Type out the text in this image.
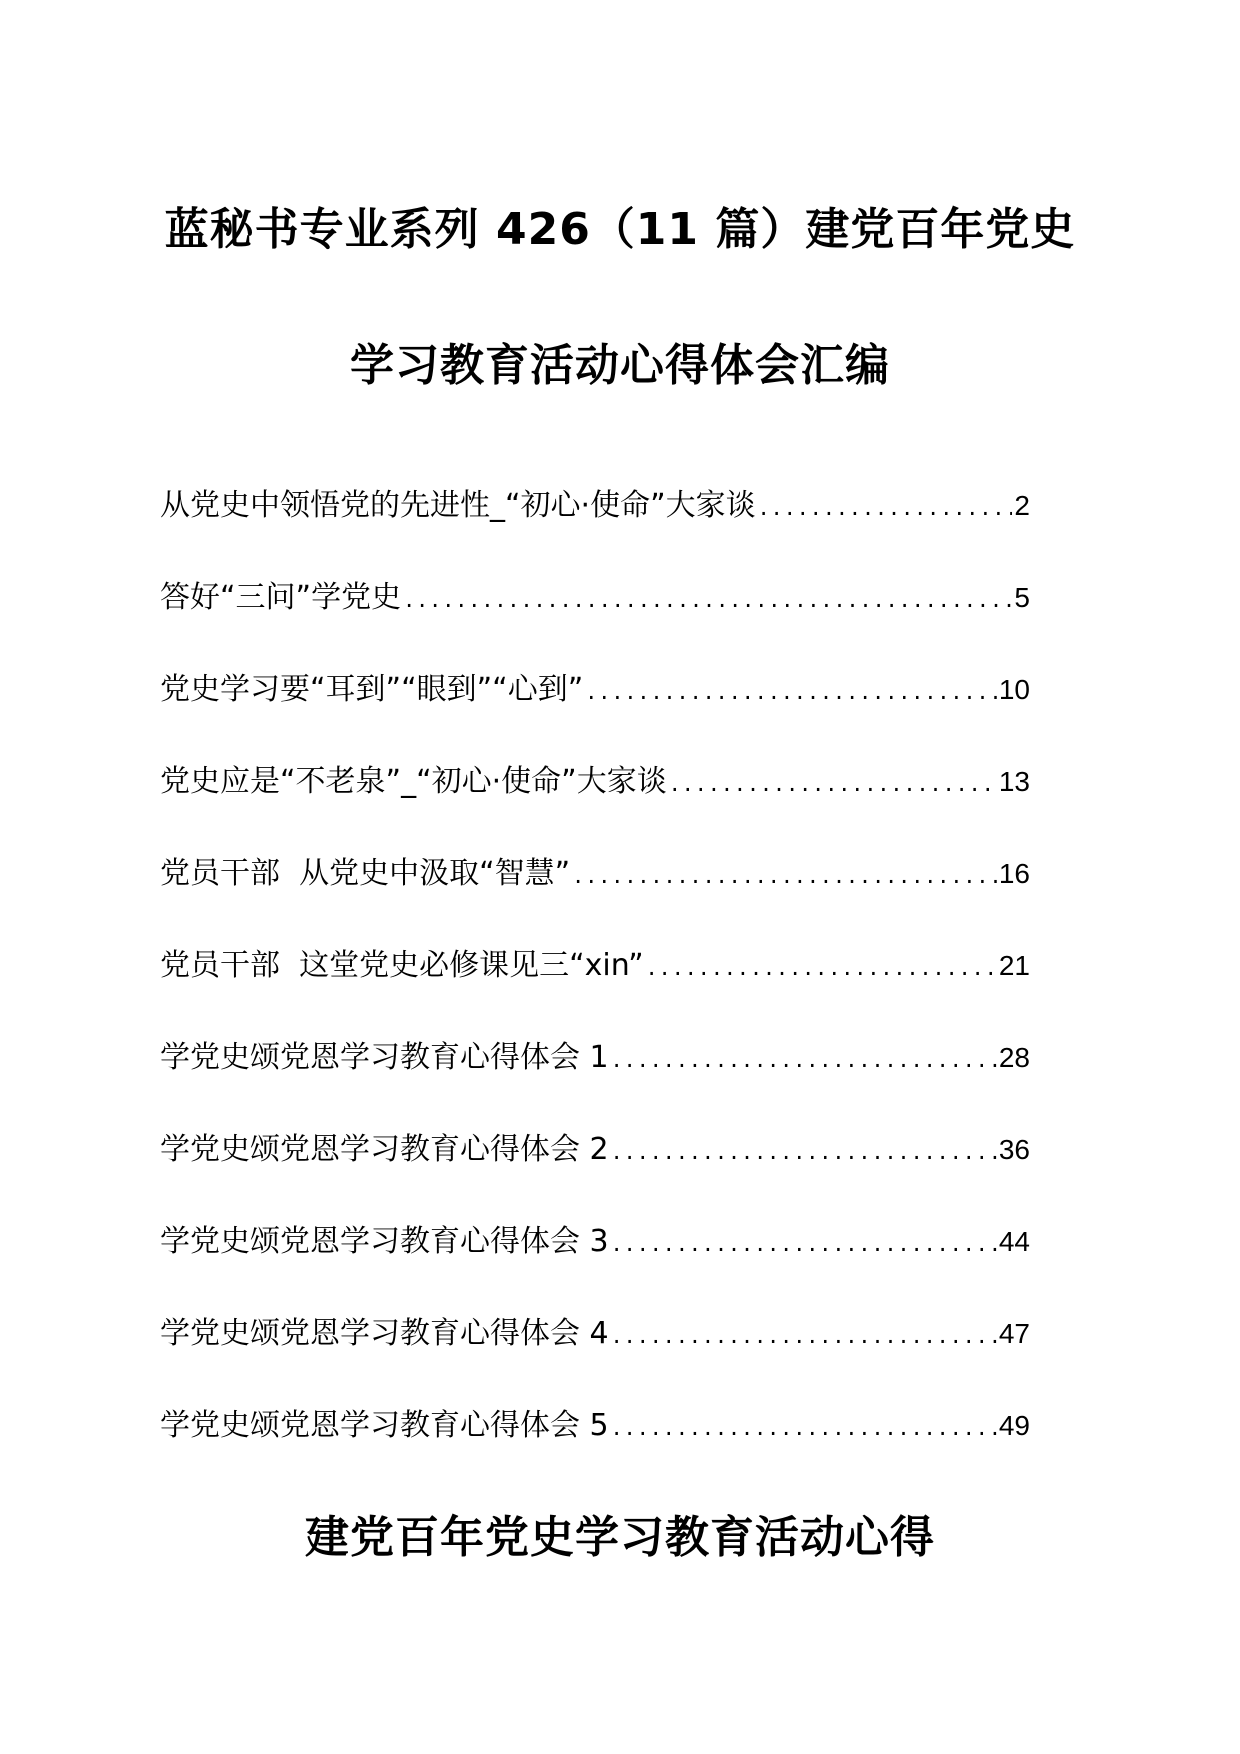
蓝秘书专业系列 426（11 篇）建党百年党史
学习教育活动心得体会汇编
从党史中领悟党的先进性_“初心·使命”大家谈 .....	2
答好“三问”学党史 .....	5
党史学习要“耳到”“眼到”“心到” .....	10
党史应是“不老泉”_“初心·使命”大家谈 .....	13
党员干部  从党史中汲取“智慧” .....	16
党员干部  这堂党史必修课见三“xin” .....	21
学党史颂党恩学习教育心得体会 1 .....	28
学党史颂党恩学习教育心得体会 2 .....	36
学党史颂党恩学习教育心得体会 3 .....	44
学党史颂党恩学习教育心得体会 4 .....	47
学党史颂党恩学习教育心得体会 5 .....	49
建党百年党史学习教育活动心得
